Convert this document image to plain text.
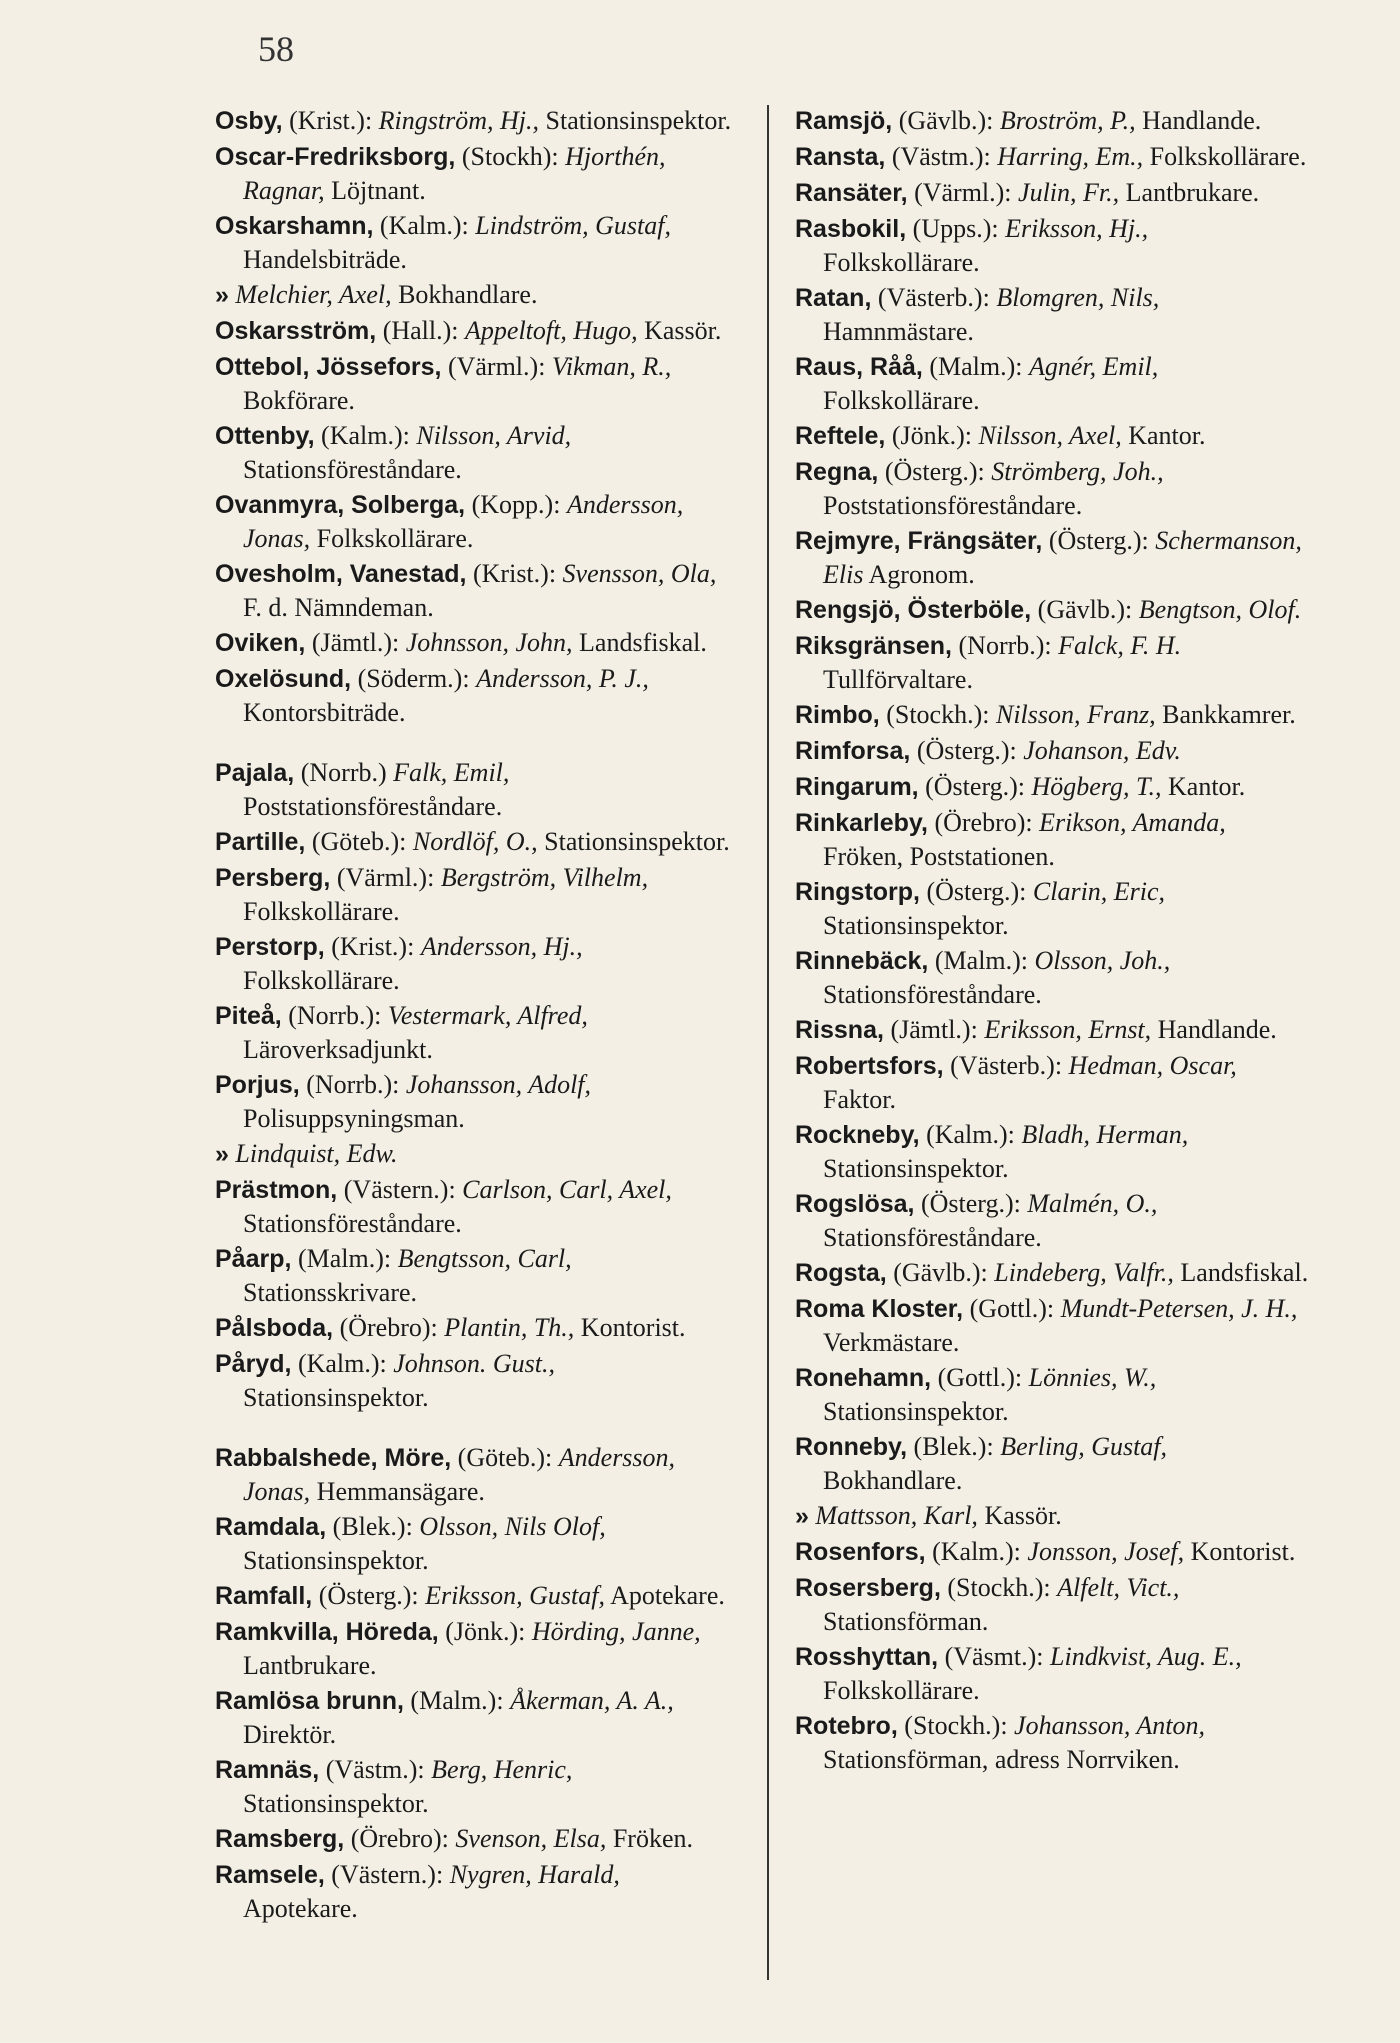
58
Osby, (Krist.): Ringström, Hj., Stationsinspektor.
Oscar-Fredriksborg, (Stockh): Hjorthén, Ragnar, Löjtnant.
Oskarshamn, (Kalm.): Lindström, Gustaf, Handelsbiträde.
» Melchier, Axel, Bokhandlare.
Oskarsström, (Hall.): Appeltoft, Hugo, Kassör.
Ottebol, Jössefors, (Värml.): Vikman, R., Bokförare.
Ottenby, (Kalm.): Nilsson, Arvid, Stationsföreståndare.
Ovanmyra, Solberga, (Kopp.): Andersson, Jonas, Folkskollärare.
Ovesholm, Vanestad, (Krist.): Svensson, Ola, F. d. Nämndeman.
Oviken, (Jämtl.): Johnsson, John, Landsfiskal.
Oxelösund, (Söderm.): Andersson, P. J., Kontorsbiträde.
Pajala, (Norrb.) Falk, Emil, Poststationsföreståndare.
Partille, (Göteb.): Nordlöf, O., Stationsinspektor.
Persberg, (Värml.): Bergström, Vilhelm, Folkskollärare.
Perstorp, (Krist.): Andersson, Hj., Folkskollärare.
Piteå, (Norrb.): Vestermark, Alfred, Läroverksadjunkt.
Porjus, (Norrb.): Johansson, Adolf, Polisuppsyningsman.
» Lindquist, Edw.
Prästmon, (Västern.): Carlson, Carl, Axel, Stationsföreståndare.
Påarp, (Malm.): Bengtsson, Carl, Stationsskrivare.
Pålsboda, (Örebro): Plantin, Th., Kontorist.
Påryd, (Kalm.): Johnson. Gust., Stationsinspektor.
Rabbalshede, Möre, (Göteb.): Andersson, Jonas, Hemmansägare.
Ramdala, (Blek.): Olsson, Nils Olof, Stationsinspektor.
Ramfall, (Österg.): Eriksson, Gustaf, Apotekare.
Ramkvilla, Höreda, (Jönk.): Hörding, Janne, Lantbrukare.
Ramlösa brunn, (Malm.): Åkerman, A. A., Direktör.
Ramnäs, (Västm.): Berg, Henric, Stationsinspektor.
Ramsberg, (Örebro): Svenson, Elsa, Fröken.
Ramsele, (Västern.): Nygren, Harald, Apotekare.
Ramsjö, (Gävlb.): Broström, P., Handlande.
Ransta, (Västm.): Harring, Em., Folkskollärare.
Ransäter, (Värml.): Julin, Fr., Lantbrukare.
Rasbokil, (Upps.): Eriksson, Hj., Folkskollärare.
Ratan, (Västerb.): Blomgren, Nils, Hamnmästare.
Raus, Råå, (Malm.): Agnér, Emil, Folkskollärare.
Reftele, (Jönk.): Nilsson, Axel, Kantor.
Regna, (Österg.): Strömberg, Joh., Poststationsföreståndare.
Rejmyre, Frängsäter, (Österg.): Schermanson, Elis Agronom.
Rengsjö, Österböle, (Gävlb.): Bengtson, Olof.
Riksgränsen, (Norrb.): Falck, F. H. Tullförvaltare.
Rimbo, (Stockh.): Nilsson, Franz, Bankkamrer.
Rimforsa, (Österg.): Johanson, Edv.
Ringarum, (Österg.): Högberg, T., Kantor.
Rinkarleby, (Örebro): Erikson, Amanda, Fröken, Poststationen.
Ringstorp, (Österg.): Clarin, Eric, Stationsinspektor.
Rinnebäck, (Malm.): Olsson, Joh., Stationsföreståndare.
Rissna, (Jämtl.): Eriksson, Ernst, Handlande.
Robertsfors, (Västerb.): Hedman, Oscar, Faktor.
Rockneby, (Kalm.): Bladh, Herman, Stationsinspektor.
Rogslösa, (Österg.): Malmén, O., Stationsföreståndare.
Rogsta, (Gävlb.): Lindeberg, Valfr., Landsfiskal.
Roma Kloster, (Gottl.): Mundt-Petersen, J. H., Verkmästare.
Ronehamn, (Gottl.): Lönnies, W., Stationsinspektor.
Ronneby, (Blek.): Berling, Gustaf, Bokhandlare.
» Mattsson, Karl, Kassör.
Rosenfors, (Kalm.): Jonsson, Josef, Kontorist.
Rosersberg, (Stockh.): Alfelt, Vict., Stationsförman.
Rosshyttan, (Väsmt.): Lindkvist, Aug. E., Folkskollärare.
Rotebro, (Stockh.): Johansson, Anton, Stationsförman, adress Norrviken.
